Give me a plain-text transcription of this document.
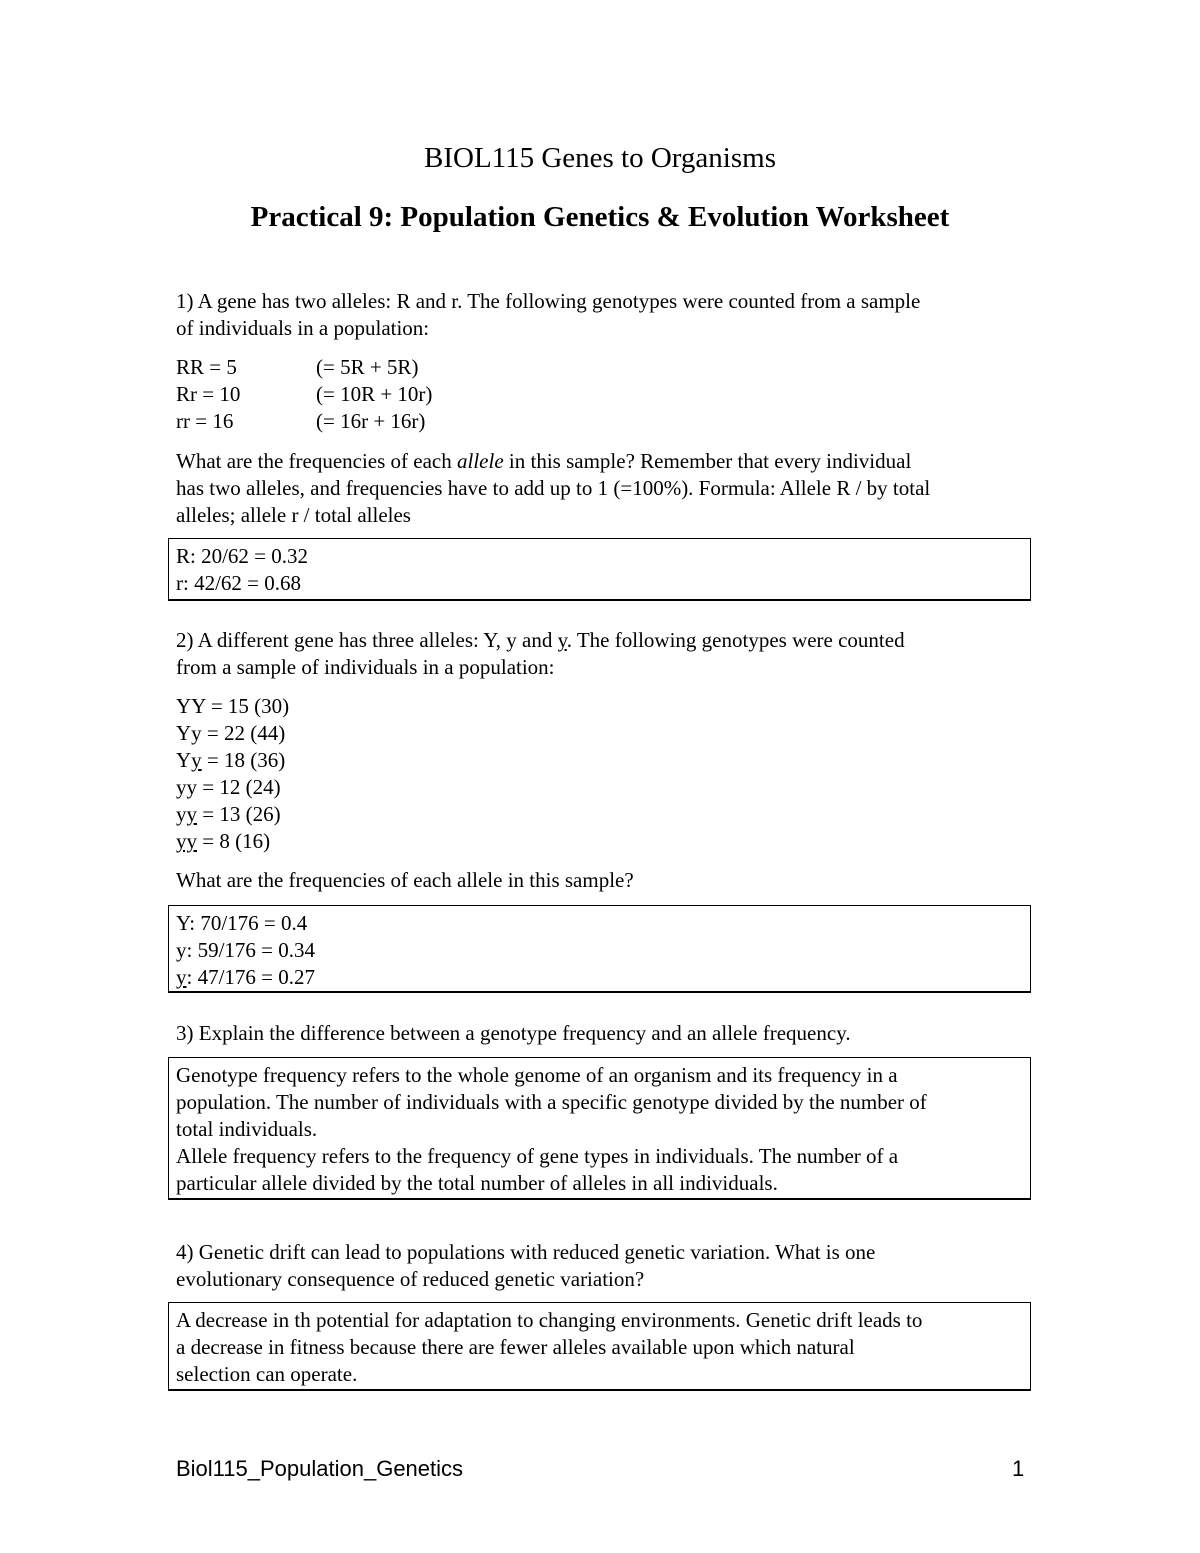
BIOL115 Genes to Organisms
Practical 9: Population Genetics & Evolution Worksheet
1) A gene has two alleles: R and r. The following genotypes were counted from a sample
of individuals in a population:
RR = 5	(= 5R + 5R)
Rr = 10	(= 10R + 10r)
rr = 16	(= 16r + 16r)
What are the frequencies of each allele in this sample? Remember that every individual
has two alleles, and frequencies have to add up to 1 (=100%). Formula: Allele R / by total
alleles; allele r / total alleles

R: 20/62 = 0.32

r: 42/62 = 0.68

2) A different gene has three alleles: Y, y and y. The following genotypes were counted
from a sample of individuals in a population:
YY = 15 (30)
Yy = 22 (44)
Yy = 18 (36)
yy = 12 (24)
yy = 13 (26)
yy = 8 (16)
What are the frequencies of each allele in this sample?

Y: 70/176 = 0.4

y: 59/176 = 0.34

y: 47/176 = 0.27

3) Explain the difference between a genotype frequency and an allele frequency.

Genotype frequency refers to the whole genome of an organism and its frequency in a

population. The number of individuals with a specific genotype divided by the number of

total individuals.

Allele frequency refers to the frequency of gene types in individuals. The number of a

particular allele divided by the total number of alleles in all individuals.

4) Genetic drift can lead to populations with reduced genetic variation. What is one
evolutionary consequence of reduced genetic variation?

A decrease in th potential for adaptation to changing environments. Genetic drift leads to

a decrease in fitness because there are fewer alleles available upon which natural

selection can operate.

Biol115_Population_Genetics	1
